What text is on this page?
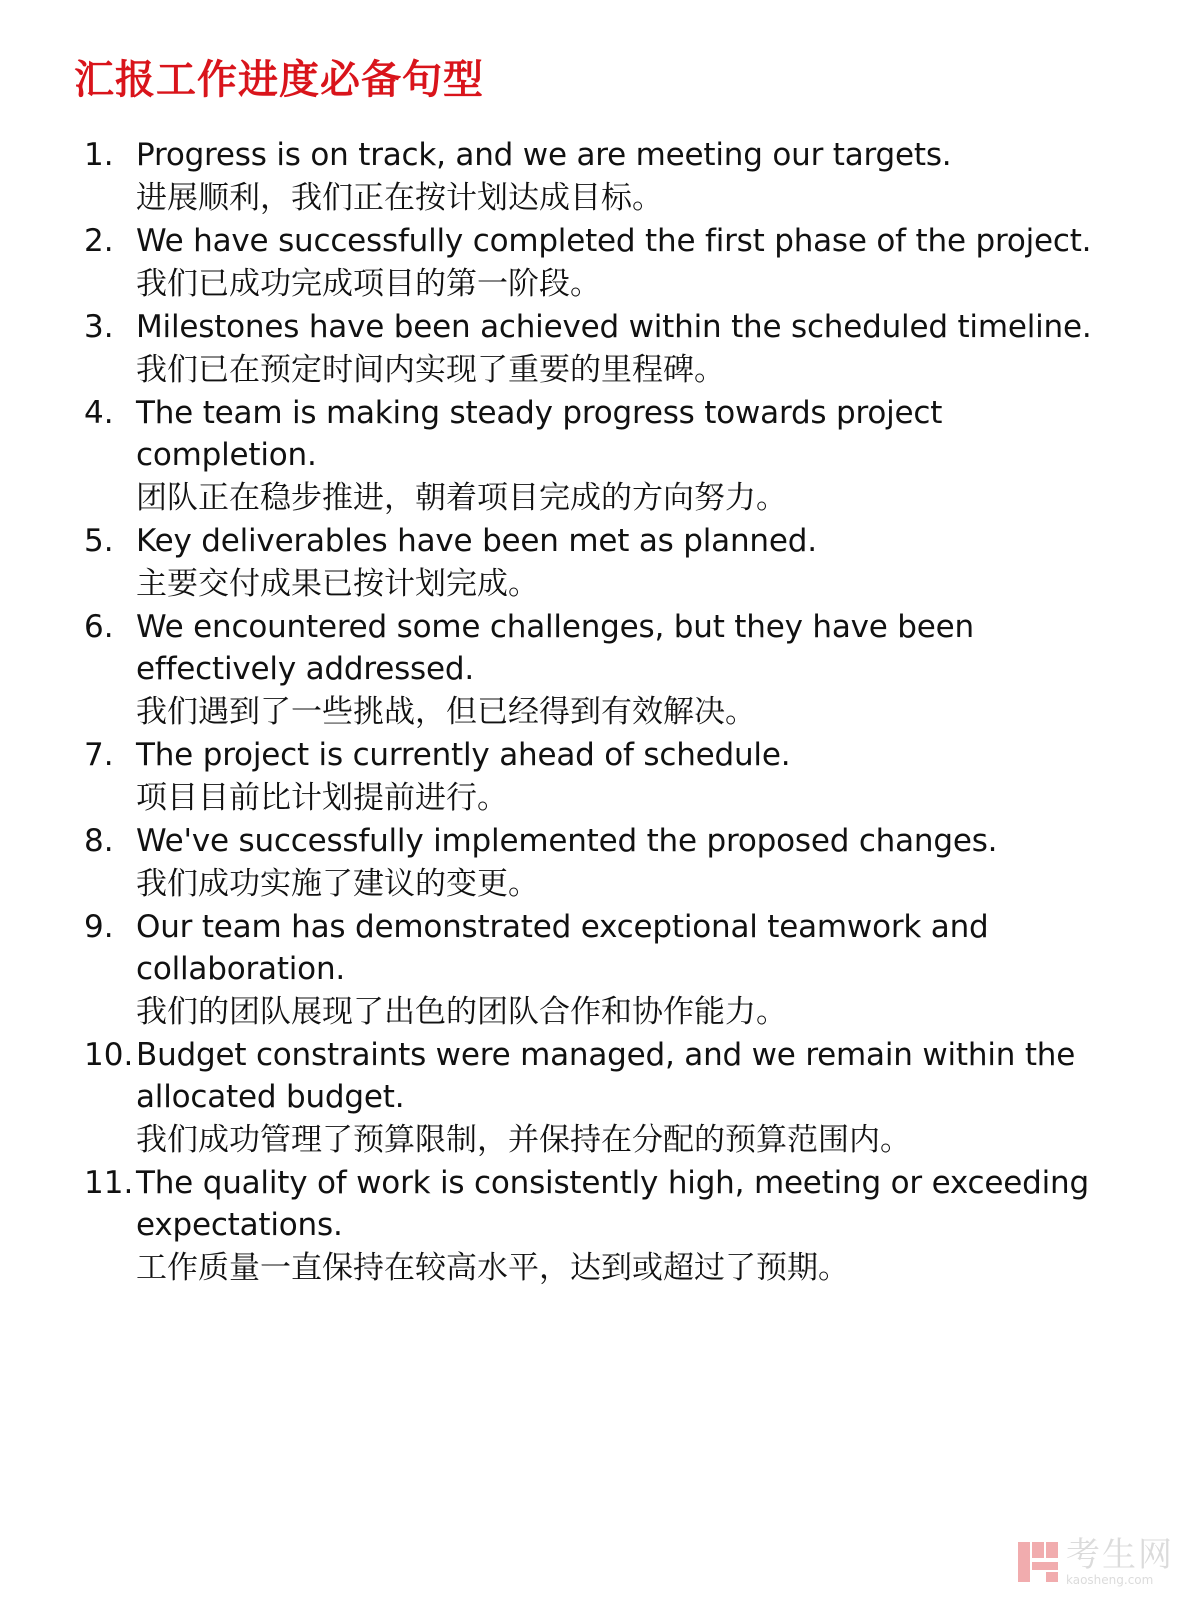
汇报工作进度必备句型
1. Progress is on track, and we are meeting our targets.
进展顺利，我们正在按计划达成目标。
2. We have successfully completed the first phase of the project.
我们已成功完成项目的第一阶段。
3. Milestones have been achieved within the scheduled timeline.
我们已在预定时间内实现了重要的里程碑。
4. The team is making steady progress towards project completion.
团队正在稳步推进，朝着项目完成的方向努力。
5. Key deliverables have been met as planned.
主要交付成果已按计划完成。
6. We encountered some challenges, but they have been effectively addressed.
我们遇到了一些挑战，但已经得到有效解决。
7. The project is currently ahead of schedule.
项目目前比计划提前进行。
8. We've successfully implemented the proposed changes.
我们成功实施了建议的变更。
9. Our team has demonstrated exceptional teamwork and collaboration.
我们的团队展现了出色的团队合作和协作能力。
10. Budget constraints were managed, and we remain within the allocated budget.
我们成功管理了预算限制，并保持在分配的预算范围内。
11. The quality of work is consistently high, meeting or exceeding expectations.
工作质量一直保持在较高水平，达到或超过了预期。
考生网
kaosheng.com
